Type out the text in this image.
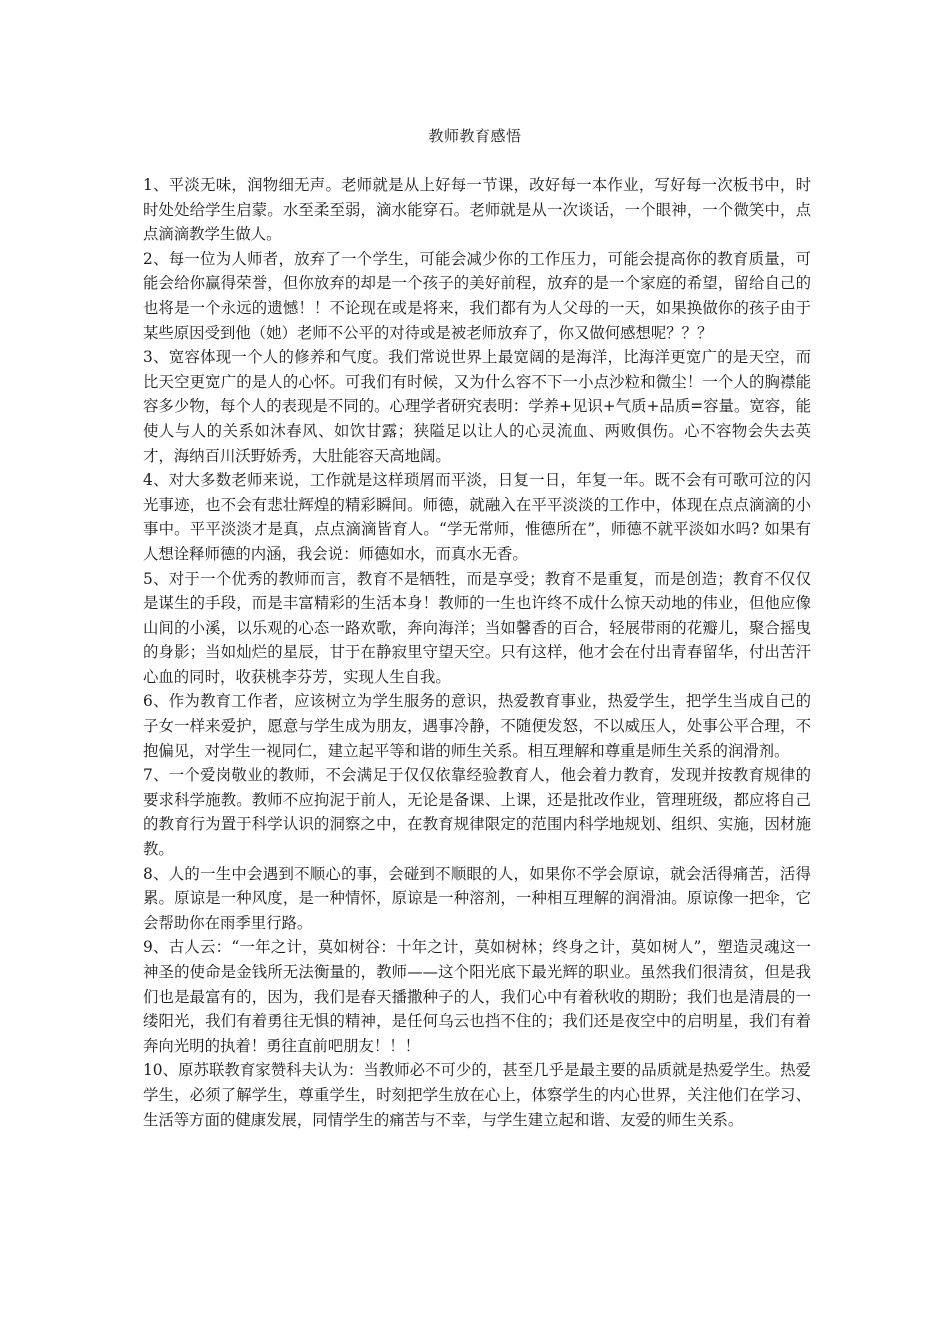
教师教育感悟

1、平淡无味，润物细无声。老师就是从上好每一节课，改好每一本作业，写好每一次板书中，时时处处给学生启蒙。水至柔至弱，滴水能穿石。老师就是从一次谈话，一个眼神，一个微笑中，点点滴滴教学生做人。

2、每一位为人师者，放弃了一个学生，可能会减少你的工作压力，可能会提高你的教育质量，可能会给你赢得荣誉，但你放弃的却是一个孩子的美好前程，放弃的是一个家庭的希望，留给自己的也将是一个永远的遗憾！！不论现在或是将来，我们都有为人父母的一天，如果换做你的孩子由于某些原因受到他（她）老师不公平的对待或是被老师放弃了，你又做何感想呢？？？

3、宽容体现一个人的修养和气度。我们常说世界上最宽阔的是海洋，比海洋更宽广的是天空，而比天空更宽广的是人的心怀。可我们有时候，又为什么容不下一小点沙粒和微尘！一个人的胸襟能容多少物，每个人的表现是不同的。心理学者研究表明：学养+见识+气质+品质=容量。宽容，能使人与人的关系如沐春风、如饮甘露；狭隘足以让人的心灵流血、两败俱伤。心不容物会失去英才，海纳百川沃野娇秀，大肚能容天高地阔。

4、对大多数老师来说，工作就是这样琐屑而平淡，日复一日，年复一年。既不会有可歌可泣的闪光事迹，也不会有悲壮辉煌的精彩瞬间。师德，就融入在平平淡淡的工作中，体现在点点滴滴的小事中。平平淡淡才是真，点点滴滴皆育人。“学无常师，惟德所在”，师德不就平淡如水吗? 如果有人想诠释师德的内涵，我会说：师德如水，而真水无香。

5、对于一个优秀的教师而言，教育不是牺牲，而是享受；教育不是重复，而是创造；教育不仅仅是谋生的手段，而是丰富精彩的生活本身！教师的一生也许终不成什么惊天动地的伟业，但他应像山间的小溪，以乐观的心态一路欢歌，奔向海洋；当如馨香的百合，轻展带雨的花瓣儿，聚合摇曳的身影；当如灿烂的星辰，甘于在静寂里守望天空。只有这样，他才会在付出青春留华，付出苦汗心血的同时，收获桃李芬芳，实现人生自我。

6、作为教育工作者，应该树立为学生服务的意识，热爱教育事业，热爱学生，把学生当成自己的子女一样来爱护，愿意与学生成为朋友，遇事冷静，不随便发怒，不以威压人，处事公平合理，不抱偏见，对学生一视同仁，建立起平等和谐的师生关系。相互理解和尊重是师生关系的润滑剂。

7、一个爱岗敬业的教师，不会满足于仅仅依靠经验教育人，他会着力教育，发现并按教育规律的要求科学施教。教师不应拘泥于前人，无论是备课、上课，还是批改作业，管理班级，都应将自己的教育行为置于科学认识的洞察之中，在教育规律限定的范围内科学地规划、组织、实施，因材施教。

8、人的一生中会遇到不顺心的事，会碰到不顺眼的人，如果你不学会原谅，就会活得痛苦，活得累。原谅是一种风度，是一种情怀，原谅是一种溶剂，一种相互理解的润滑油。原谅像一把伞，它会帮助你在雨季里行路。

9、古人云：“一年之计，莫如树谷：十年之计，莫如树林；终身之计，莫如树人”，塑造灵魂这一神圣的使命是金钱所无法衡量的，教师——这个阳光底下最光辉的职业。虽然我们很清贫，但是我们也是最富有的，因为，我们是春天播撒种子的人，我们心中有着秋收的期盼；我们也是清晨的一缕阳光，我们有着勇往无惧的精神，是任何乌云也挡不住的；我们还是夜空中的启明星，我们有着奔向光明的执着！勇往直前吧朋友！！！

10、原苏联教育家赞科夫认为：当教师必不可少的，甚至几乎是最主要的品质就是热爱学生。热爱学生，必须了解学生，尊重学生，时刻把学生放在心上，体察学生的内心世界，关注他们在学习、生活等方面的健康发展，同情学生的痛苦与不幸，与学生建立起和谐、友爱的师生关系。
